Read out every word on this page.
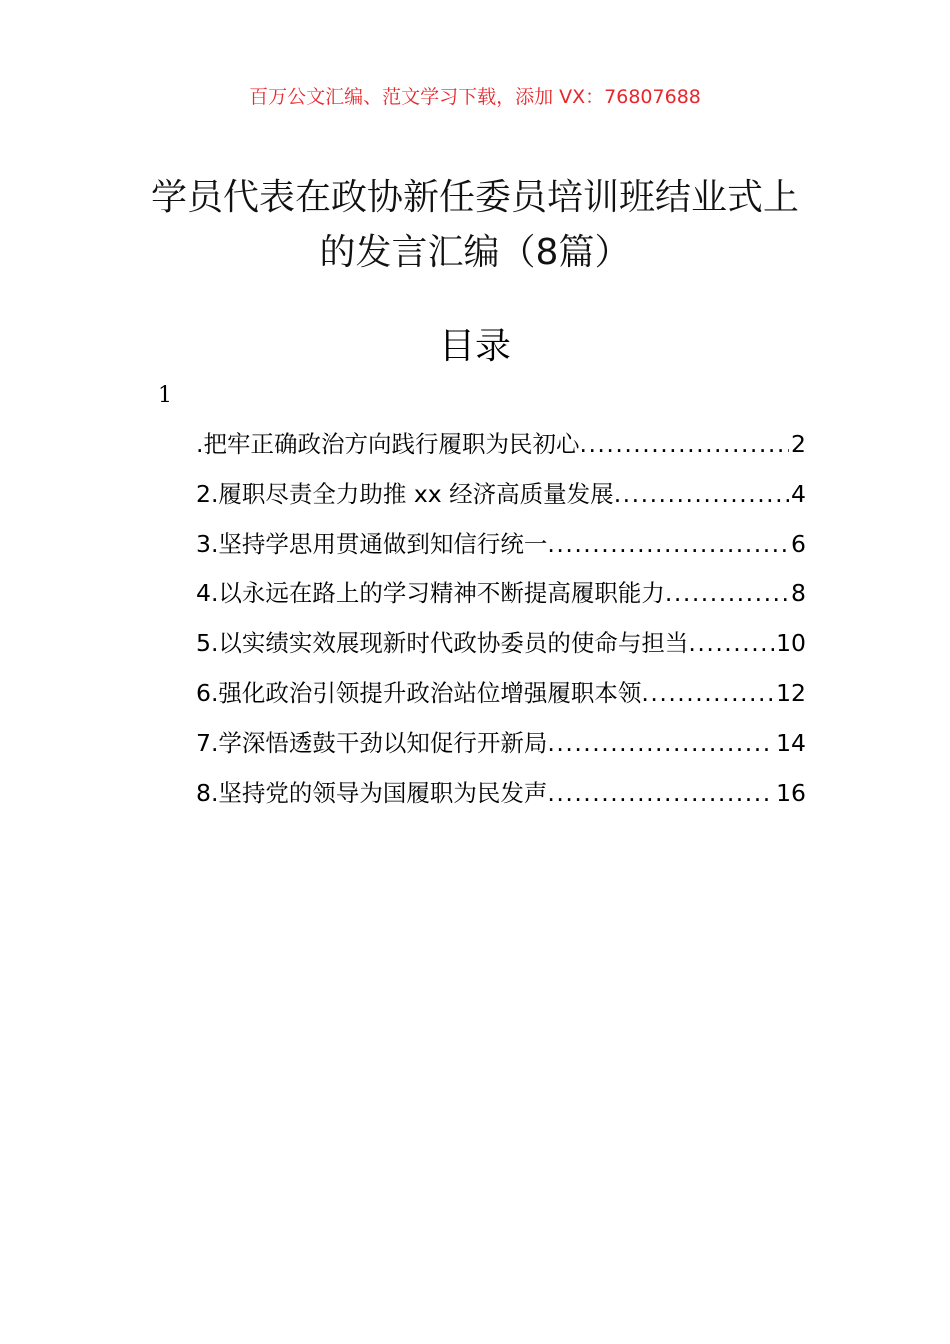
百万公文汇编、范文学习下载，添加 VX：76807688
学员代表在政协新任委员培训班结业式上
的发言汇编（8篇）
目录
1
.把牢正确政治方向践行履职为民初心 .....	2
2.履职尽责全力助推 xx 经济高质量发展 .....	4
3.坚持学思用贯通做到知信行统一 .....	6
4.以永远在路上的学习精神不断提高履职能力 .....	8
5.以实绩实效展现新时代政协委员的使命与担当 .....	10
6.强化政治引领提升政治站位增强履职本领 .....	12
7.学深悟透鼓干劲以知促行开新局 .....	14
8.坚持党的领导为国履职为民发声 .....	16
